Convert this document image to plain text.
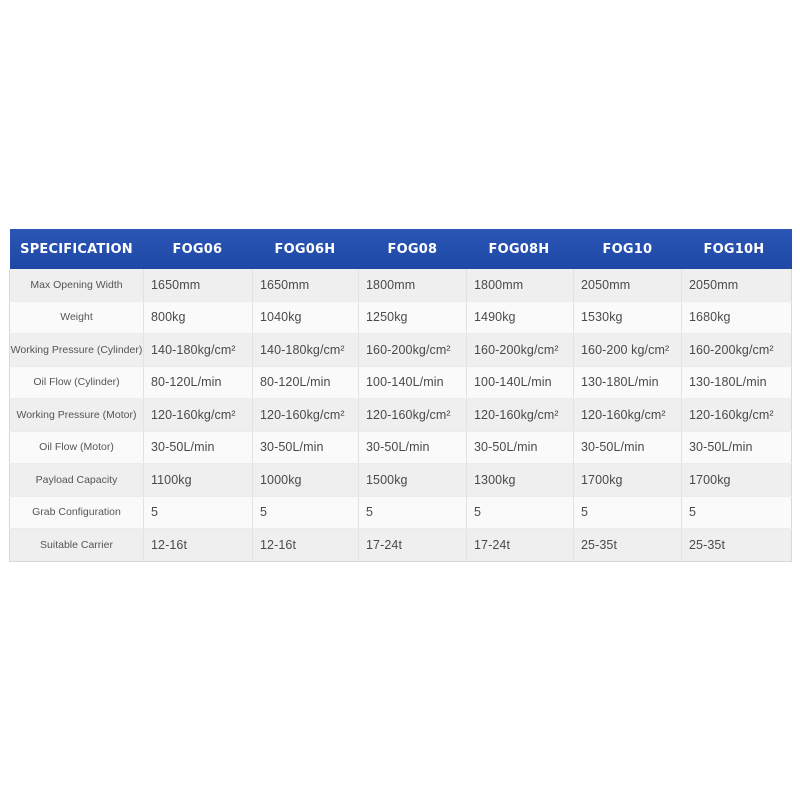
SPECIFICATION	FOG06	FOG06H	FOG08	FOG08H	FOG10	FOG10H
Max Opening Width	1650mm	1650mm	1800mm	1800mm	2050mm	2050mm
Weight	800kg	1040kg	1250kg	1490kg	1530kg	1680kg
Working Pressure (Cylinder)	140-180kg/cm²	140-180kg/cm²	160-200kg/cm²	160-200kg/cm²	160-200 kg/cm²	160-200kg/cm²
Oil Flow (Cylinder)	80-120L/min	80-120L/min	100-140L/min	100-140L/min	130-180L/min	130-180L/min
Working Pressure (Motor)	120-160kg/cm²	120-160kg/cm²	120-160kg/cm²	120-160kg/cm²	120-160kg/cm²	120-160kg/cm²
Oil Flow (Motor)	30-50L/min	30-50L/min	30-50L/min	30-50L/min	30-50L/min	30-50L/min
Payload Capacity	1100kg	1000kg	1500kg	1300kg	1700kg	1700kg
Grab Configuration	5	5	5	5	5	5
Suitable Carrier	12-16t	12-16t	17-24t	17-24t	25-35t	25-35t
